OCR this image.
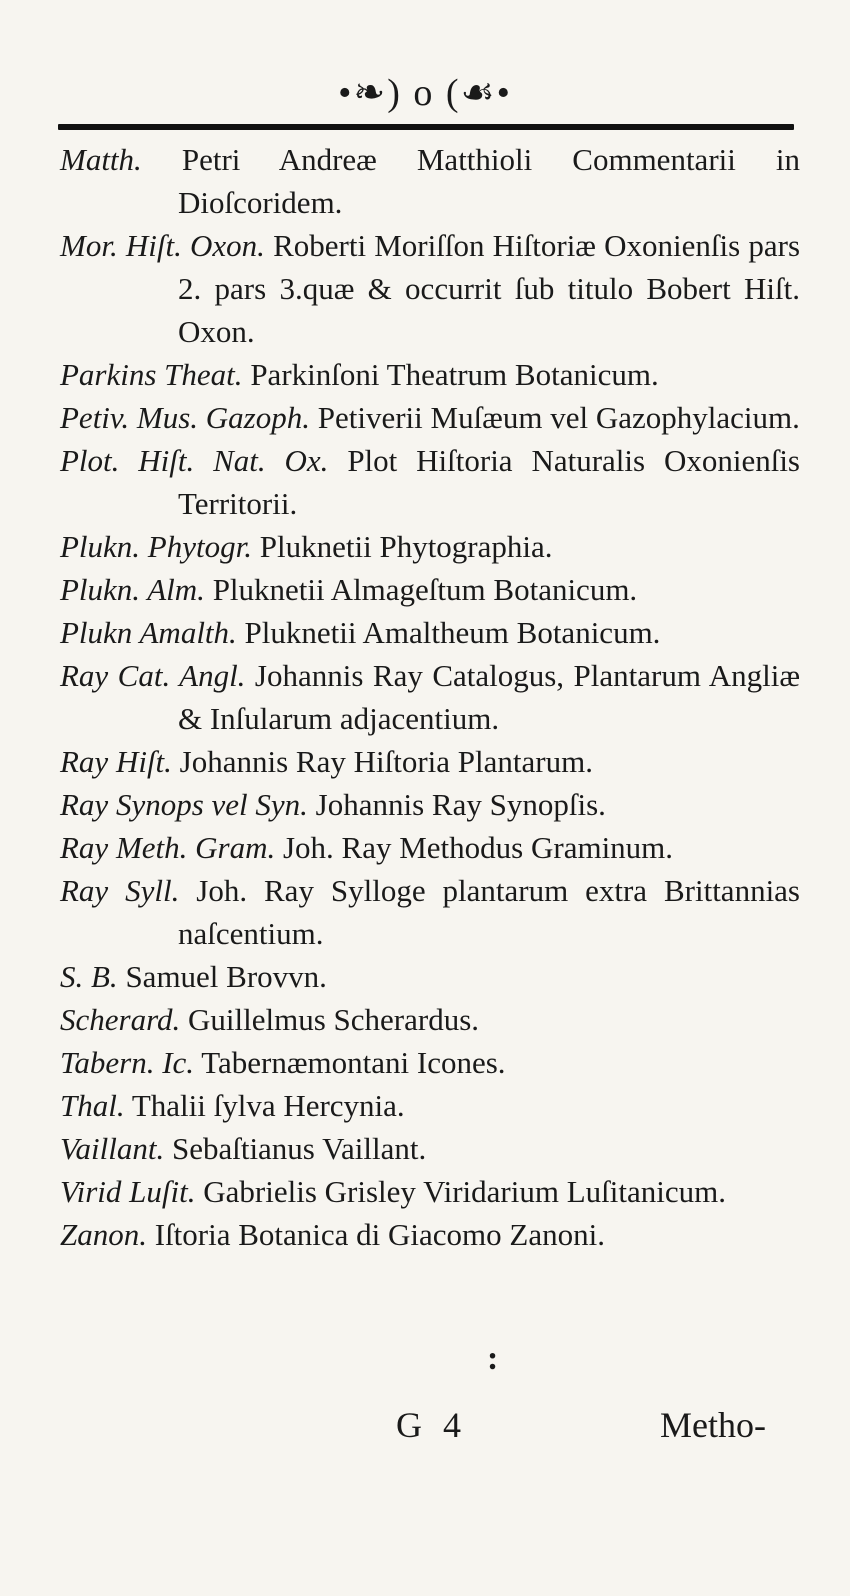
•❧) o (☙•
Matth. Petri Andreæ Matthioli Commentarii in Dioſcoridem.
Mor. Hiſt. Oxon. Roberti Moriſſon Hiſtoriæ Oxonienſis pars 2. pars 3.quæ & occurrit ſub titulo Bobert Hiſt. Oxon.
Parkins Theat. Parkinſoni Theatrum Botanicum.
Petiv. Mus. Gazoph. Petiverii Muſæum vel Gazophylacium.
Plot. Hiſt. Nat. Ox. Plot Hiſtoria Naturalis Oxonienſis Territorii.
Plukn. Phytogr. Pluknetii Phytographia.
Plukn. Alm. Pluknetii Almageſtum Botanicum.
Plukn Amalth. Pluknetii Amaltheum Botanicum.
Ray Cat. Angl. Johannis Ray Catalogus, Plantarum Angliæ & Inſularum adjacentium.
Ray Hiſt. Johannis Ray Hiſtoria Plantarum.
Ray Synops vel Syn. Johannis Ray Synopſis.
Ray Meth. Gram. Joh. Ray Methodus Graminum.
Ray Syll. Joh. Ray Sylloge plantarum extra Brittannias naſcentium.
S. B. Samuel Brovvn.
Scherard. Guillelmus Scherardus.
Tabern. Ic. Tabernæmontani Icones.
Thal. Thalii ſylva Hercynia.
Vaillant. Sebaſtianus Vaillant.
Virid Luſit. Gabrielis Grisley Viridarium Luſitanicum.
Zanon. Iſtoria Botanica di Giacomo Zanoni.
:
G 4	Metho-
